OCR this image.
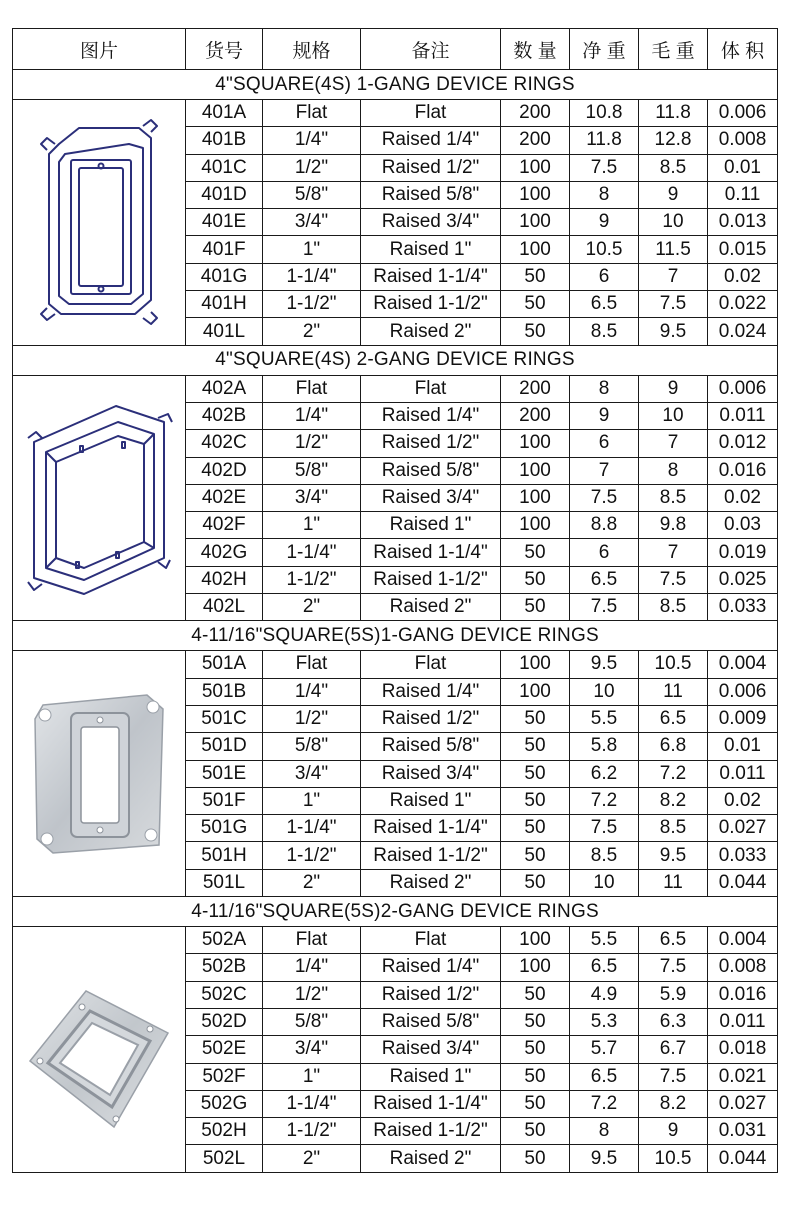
图片	货号	规格	备注	数 量	净 重	毛 重	体 积
4"SQUARE(4S) 1-GANG DEVICE RINGS							

	401A	Flat	Flat	200	10.8	11.8	0.006
	401B	1/4"	Raised 1/4"	200	11.8	12.8	0.008
	401C	1/2"	Raised 1/2"	100	7.5	8.5	0.01
	401D	5/8"	Raised 5/8"	100	8	9	0.11
	401E	3/4"	Raised 3/4"	100	9	10	0.013
	401F	1"	Raised 1"	100	10.5	11.5	0.015
	401G	1-1/4"	Raised 1-1/4"	50	6	7	0.02
	401H	1-1/2"	Raised 1-1/2"	50	6.5	7.5	0.022
	401L	2"	Raised 2"	50	8.5	9.5	0.024
4"SQUARE(4S) 2-GANG DEVICE RINGS							

	402A	Flat	Flat	200	8	9	0.006
	402B	1/4"	Raised 1/4"	200	9	10	0.011
	402C	1/2"	Raised 1/2"	100	6	7	0.012
	402D	5/8"	Raised 5/8"	100	7	8	0.016
	402E	3/4"	Raised 3/4"	100	7.5	8.5	0.02
	402F	1"	Raised 1"	100	8.8	9.8	0.03
	402G	1-1/4"	Raised 1-1/4"	50	6	7	0.019
	402H	1-1/2"	Raised 1-1/2"	50	6.5	7.5	0.025
	402L	2"	Raised 2"	50	7.5	8.5	0.033
4-11/16"SQUARE(5S)1-GANG DEVICE RINGS							

	501A	Flat	Flat	100	9.5	10.5	0.004
	501B	1/4"	Raised 1/4"	100	10	11	0.006
	501C	1/2"	Raised 1/2"	50	5.5	6.5	0.009
	501D	5/8"	Raised 5/8"	50	5.8	6.8	0.01
	501E	3/4"	Raised 3/4"	50	6.2	7.2	0.011
	501F	1"	Raised 1"	50	7.2	8.2	0.02
	501G	1-1/4"	Raised 1-1/4"	50	7.5	8.5	0.027
	501H	1-1/2"	Raised 1-1/2"	50	8.5	9.5	0.033
	501L	2"	Raised 2"	50	10	11	0.044
4-11/16"SQUARE(5S)2-GANG DEVICE RINGS							

	502A	Flat	Flat	100	5.5	6.5	0.004
	502B	1/4"	Raised 1/4"	100	6.5	7.5	0.008
	502C	1/2"	Raised 1/2"	50	4.9	5.9	0.016
	502D	5/8"	Raised 5/8"	50	5.3	6.3	0.011
	502E	3/4"	Raised 3/4"	50	5.7	6.7	0.018
	502F	1"	Raised 1"	50	6.5	7.5	0.021
	502G	1-1/4"	Raised 1-1/4"	50	7.2	8.2	0.027
	502H	1-1/2"	Raised 1-1/2"	50	8	9	0.031
	502L	2"	Raised 2"	50	9.5	10.5	0.044
